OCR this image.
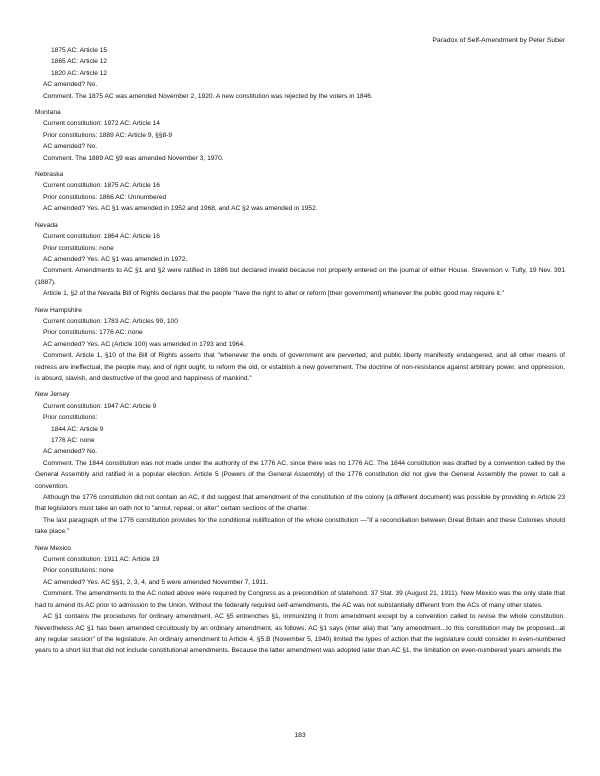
Paradox of Self-Amendment by Peter Suber
1875 AC: Article 15
1865 AC: Article 12
1820 AC: Article 12
AC amended? No.
Comment. The 1875 AC was amended November 2, 1920. A new constitution was rejected by the voters in 1846.
Montana
Current constitution: 1972 AC: Article 14
Prior constitutions: 1889 AC: Article 9, §§8-9
AC amended? No.
Comment. The 1889 AC §9 was amended November 3, 1970.
Nebraska
Current constitution: 1875 AC: Article 16
Prior constitutions: 1866 AC: Unnumbered
AC amended? Yes. AC §1 was amended in 1952 and 1968, and AC §2 was amended in 1952.
Nevada
Current constitution: 1864 AC: Article 16
Prior constitutions: none
AC amended? Yes. AC §1 was amended in 1972.

Comment. Amendments to AC §1 and §2 were ratified in 1886 but declared invalid because not properly entered on the journal of either House. Stevenson v. Tufly, 19 Nev. 391 (1887).

Article 1, §2 of the Nevada Bill of Rights declares that the people "have the right to alter or reform [their government] whenever the public good may require it."

New Hampshire
Current constitution: 1783 AC: Articles 99, 100
Prior constitutions: 1776 AC: none
AC amended? Yes. AC (Article 100) was amended in 1793 and 1964.

Comment. Article 1, §10 of the Bill of Rights asserts that "whenever the ends of government are perverted, and public liberty manifestly endangered, and all other means of redress are ineffectual, the people may, and of right ought, to reform the old, or establish a new government. The doctrine of non-resistance against arbitrary power, and oppression, is absurd, slavish, and destructive of the good and happiness of mankind."

New Jersey
Current constitution: 1947 AC: Article 9
Prior constitutions:
1844 AC: Article 9
1776 AC: none
AC amended? No.

Comment. The 1844 constitution was not made under the authority of the 1776 AC, since there was no 1776 AC. The 1844 constitution was drafted by a convention called by the General Assembly and ratified in a popular election. Article 5 (Powers of the General Assembly) of the 1776 constitution did not give the General Assembly the power to call a convention.

Although the 1776 constitution did not contain an AC, it did suggest that amendment of the constitution of the colony (a different document) was possible by providing in Article 23 that legislators must take an oath not to "annul, repeal, or alter" certain sections of the charter.

The last paragraph of the 1776 constitution provides for the conditional nullification of the whole constitution —"if a reconciliation between Great Britain and these Colonies should take place."

New Mexico
Current constitution: 1911 AC: Article 19
Prior constitutions: none
AC amended? Yes. AC §§1, 2, 3, 4, and 5 were amended November 7, 1911.

Comment. The amendments to the AC noted above were required by Congress as a precondition of statehood. 37 Stat. 39 (August 21, 1911). New Mexico was the only state that had to amend its AC prior to admission to the Union. Without the federally required self-amendments, the AC was not substantially different from the ACs of many other states.

AC §1 contains the procedures for ordinary amendment. AC §5 entrenches §1, immunizing it from amendment except by a convention called to revise the whole constitution. Nevertheless AC §1 has been amended circuitously by an ordinary amendment, as follows. AC §1 says (inter alia) that "any amendment...to this constitution may be proposed...at any regular session" of the legislature. An ordinary amendment to Article 4, §5.B (November 5, 1940) limited the types of action that the legislature could consider in even-numbered years to a short list that did not include constitutional amendments. Because the latter amendment was adopted later than AC §1, the limitation on even-numbered years amends the

183
